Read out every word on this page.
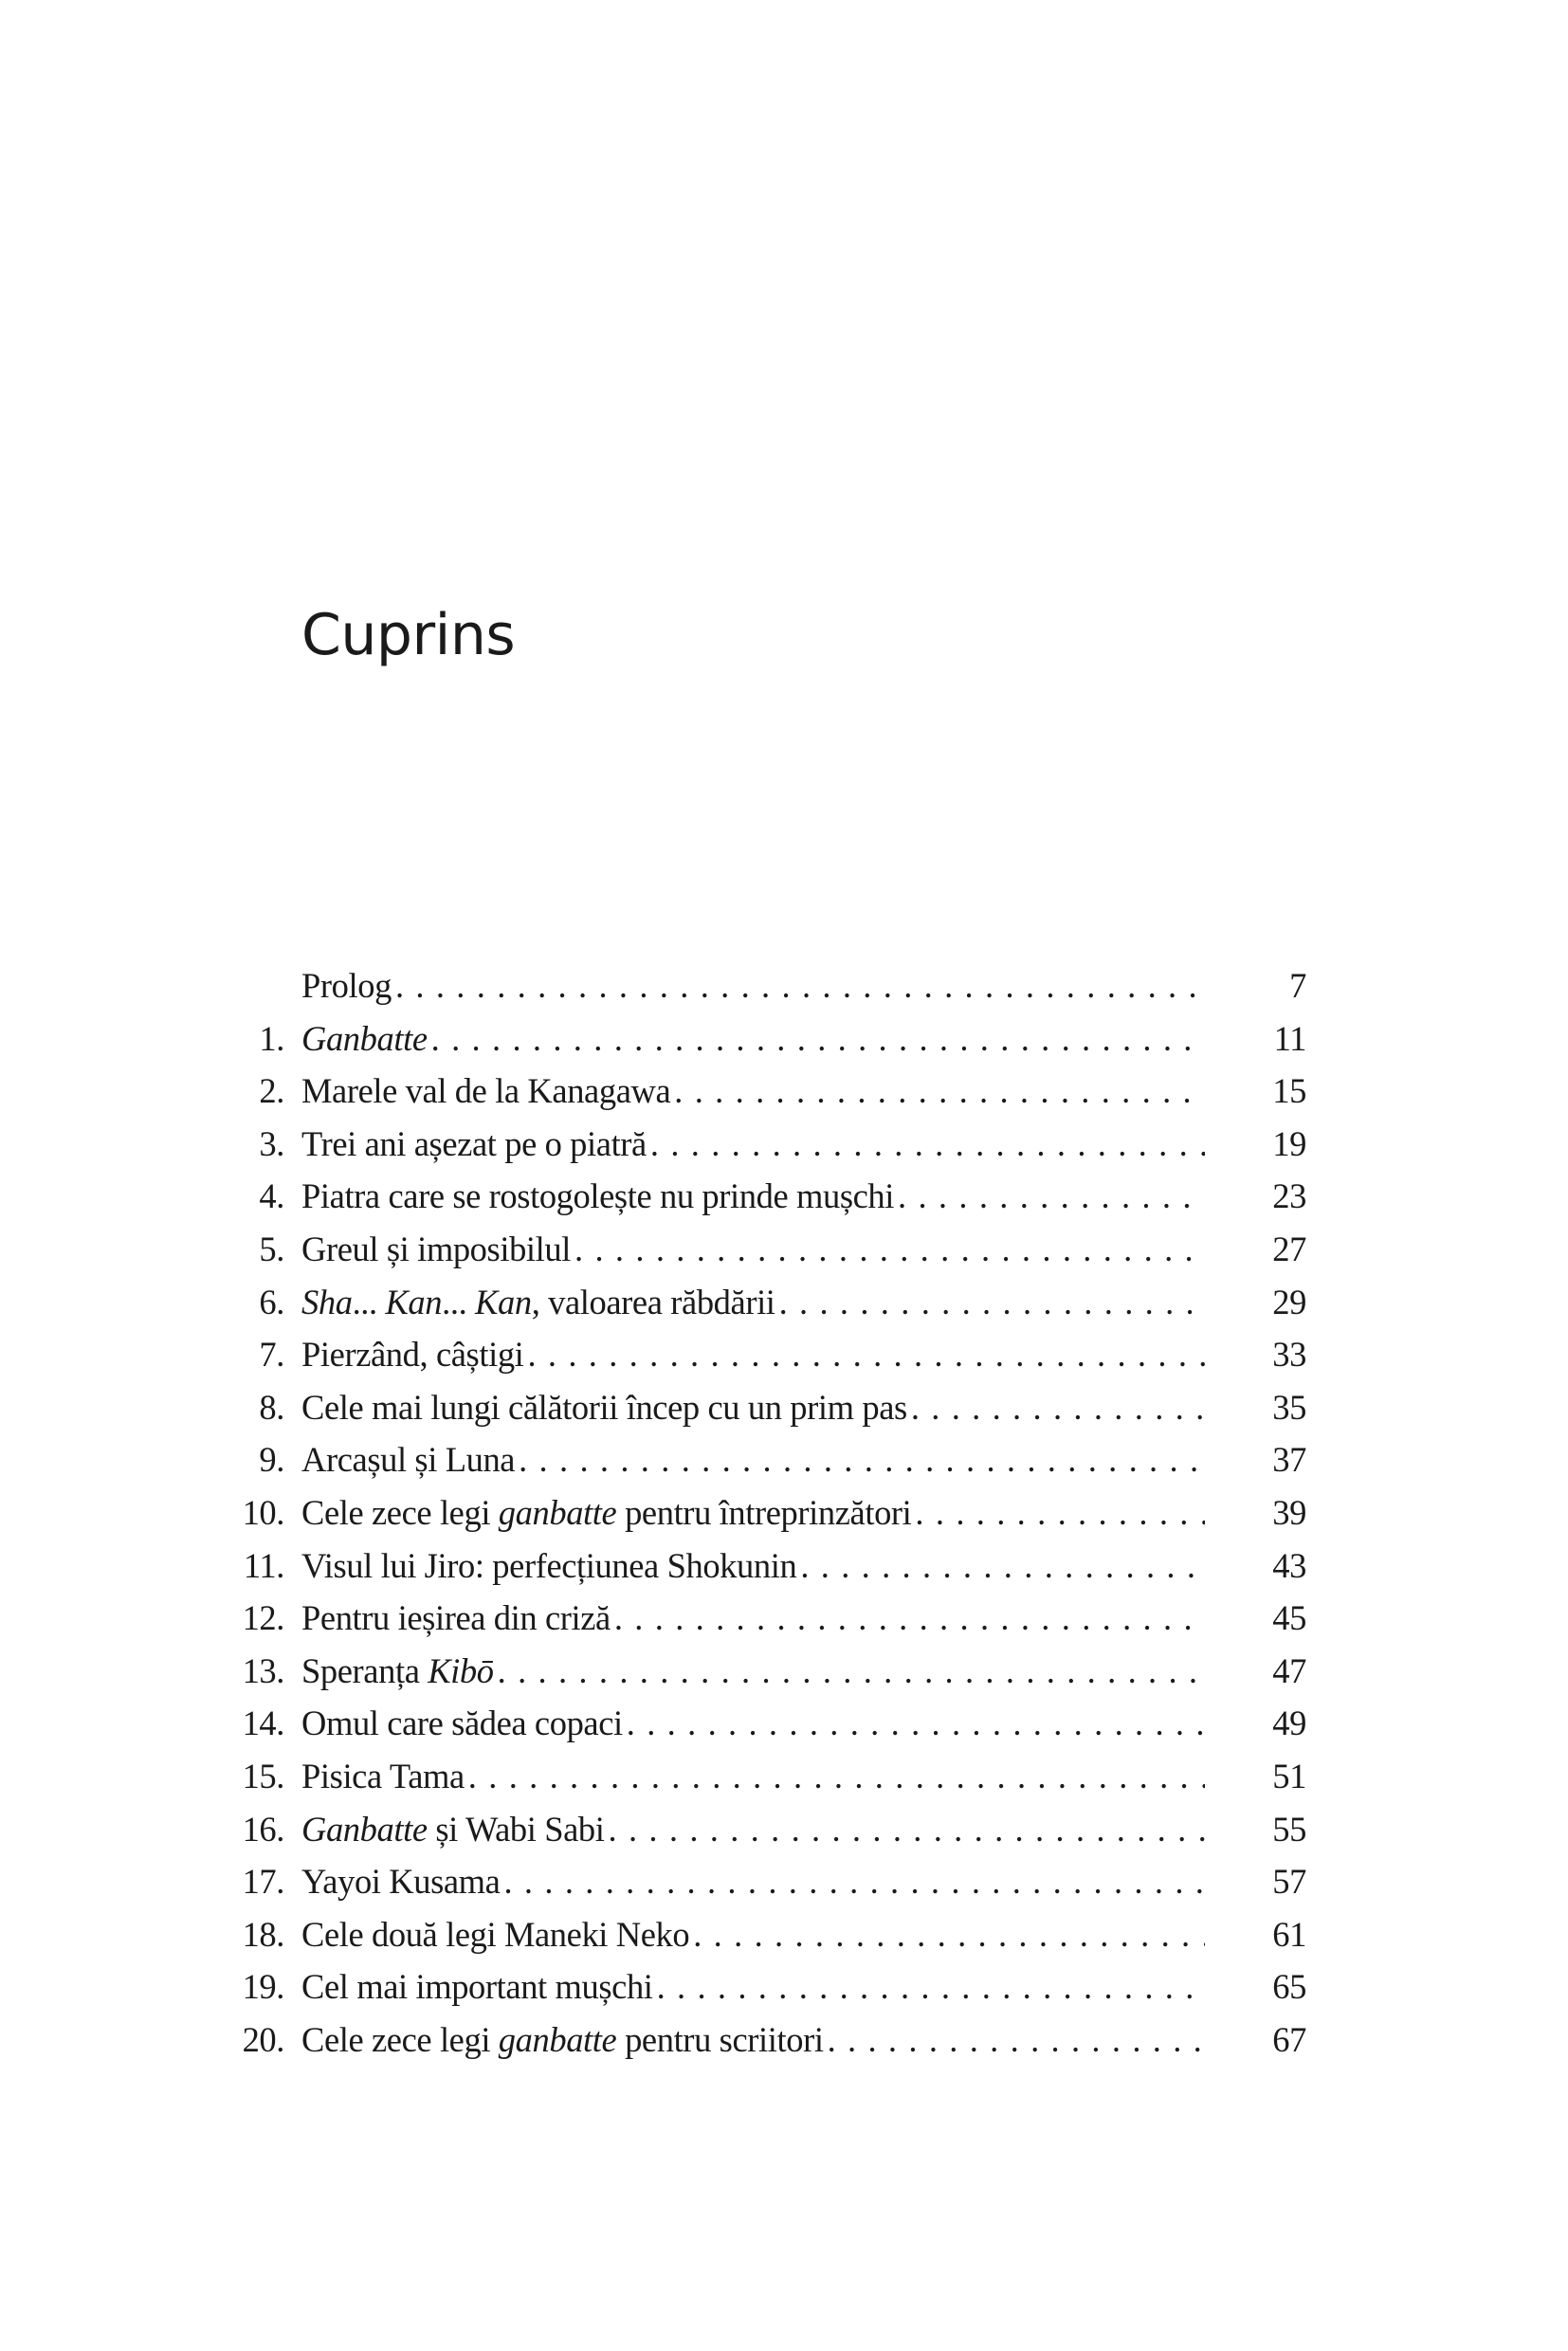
Cuprins
Prolog . . .	7
1. Ganbatte . . .	11
2. Marele val de la Kanagawa . . .	15
3. Trei ani așezat pe o piatră . . .	19
4. Piatra care se rostogolește nu prinde mușchi . . .	23
5. Greul și imposibilul . . .	27
6. Sha... Kan... Kan, valoarea răbdării . . .	29
7. Pierzând, câștigi . . .	33
8. Cele mai lungi călătorii încep cu un prim pas . . .	35
9. Arcașul și Luna . . .	37
10. Cele zece legi ganbatte pentru întreprinzători . . .	39
11. Visul lui Jiro: perfecțiunea Shokunin . . .	43
12. Pentru ieșirea din criză . . .	45
13. Speranța Kibō . . .	47
14. Omul care sădea copaci . . .	49
15. Pisica Tama . . .	51
16. Ganbatte și Wabi Sabi . . .	55
17. Yayoi Kusama . . .	57
18. Cele două legi Maneki Neko . . .	61
19. Cel mai important mușchi . . .	65
20. Cele zece legi ganbatte pentru scriitori . . .	67
